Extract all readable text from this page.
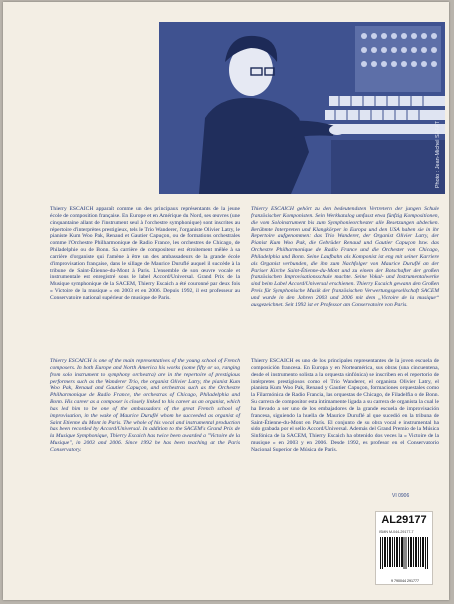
Photo : Jean-Michel SAFAT

Thierry ESCAICH apparaît comme un des principaux représentants de la jeune école de composition française. En Europe et en Amérique du Nord, ses œuvres (une cinquantaine allant de l'instrument seul à l'orchestre symphonique) sont inscrites au répertoire d'interprètes prestigieux, tels le Trio Wanderer, l'organiste Olivier Latry, le pianiste Kum Woo Pak, Renaud et Gautier Capuçon, ou de formations orchestrales comme l'Orchestre Philharmonique de Radio France, les orchestres de Chicago, de Philadelphie ou de Bonn. Sa carrière de compositeur est étroitement mêlée à sa carrière d'organiste qui l'amène à être un des ambassadeurs de la grande école d'improvisation française, dans le sillage de Maurice Duruflé auquel il succède à la tribune de Saint-Étienne-du-Mont à Paris. L'ensemble de son œuvre vocale et instrumentale est enregistré sous le label Accord/Universal. Grand Prix de la Musique symphonique de la SACEM, Thierry Escaich a été couronné par deux fois « Victoire de la musique » en 2003 et en 2006. Depuis 1992, il est professeur au Conservatoire national supérieur de musique de Paris.

Thierry ESCAICH gehört zu den bedeutendsten Vertretern der jungen Schule französischer Komponisten. Sein Werkkatalog umfasst etwa fünfzig Kompositionen, die vom Soloinstrument bis zum Symphonieorchester alle Besetzungen abdecken. Berühmte Interpreten und Klangkörper in Europa und den USA haben sie in ihr Repertoire aufgenommen: das Trio Wanderer, der Organist Olivier Latry, der Pianist Kum Woo Pak, die Gebrüder Renaud und Gautier Capuçon bzw. das Orchestre Philharmonique de Radio France und die Orchester von Chicago, Philadelphia und Bonn. Seine Laufbahn als Komponist ist eng mit seiner Karriere als Organist verbunden, die ihn zum Nachfolger von Maurice Duruflé an der Pariser Kirche Saint-Étienne-du-Mont und zu einem der Botschafter der großen französischen Improvisationsschule machte. Seine Vokal- und Instrumentalwerke sind beim Label Accord/Universal erschienen. Thierry Escaich gewann den Großen Preis für Symphonische Musik der französischen Verwertungsgesellschaft SACEM und wurde in den Jahren 2003 und 2006 mit dem „Victoire de la musique“ ausgezeichnet. Seit 1992 ist er Professor am Conservatoire von Paris.

Thierry ESCAICH is one of the main representatives of the young school of French composers. In both Europe and North America his works (some fifty or so, ranging from solo instrument to symphony orchestra) are in the repertoire of prestigious performers such as the Wanderer Trio, the organist Olivier Latry, the pianist Kum Woo Pak, Renaud and Gautier Capuçon, and orchestras such as the Orchestre Philharmonique de Radio France, the orchestras of Chicago, Philadelphia and Bonn. His career as a composer is closely linked to his career as an organist, which has led him to be one of the ambassadors of the great French school of improvisation, in the wake of Maurice Duruflé whom he succeeded as organist of Saint Etienne du Mont in Paris. The whole of his vocal and instrumental production has been recorded by Accord/Universal. In addition to the SACEM's Grand Prix de la Musique Symphonique, Thierry Escaich has twice been awarded a "Victoire de la Musique", in 2003 and 2006. Since 1992 he has been teaching at the Paris Conservatory.

Thierry ESCAICH es uno de los principales representantes de la joven escuela de composición francesa. En Europa y en Norteamérica, sus obras (una cincuentena, desde el instrumento solista a la orquesta sinfónica) se inscriben en el repertorio de intérpretes prestigiosos como el Trio Wanderer, el organista Olivier Latry, el pianista Kum Woo Pak, Renaud y Gautier Capuçon, formaciones orquestales como la Filarmónica de Radio Francia, las orquestas de Chicago, de Filadelfia o de Bonn. Su carrera de compositor esta íntimamente ligada a su carrera de organista la cual le ha llevado a ser uno de los embajadores de la grande escuela de improvisación francesa, siguiendo la huella de Maurice Duruflé al que sucedió en la tribuna de Saint-Étienne-du-Mont en París. El conjunto de su obra vocal e instrumental ha sido grabada por el sello Accord/Universal. Además del Grand Premio de la Música Sinfónica de la SACEM, Thierry Escaich ha obtenido dos veces la « Victoire de la musique » en 2003 y en 2006. Desde 1992, es profesor en el Conservatorio Nacional Superior de Música de París.

VI 0906
AL29177
ISMN M-044-29177-7
9 790044 291777
